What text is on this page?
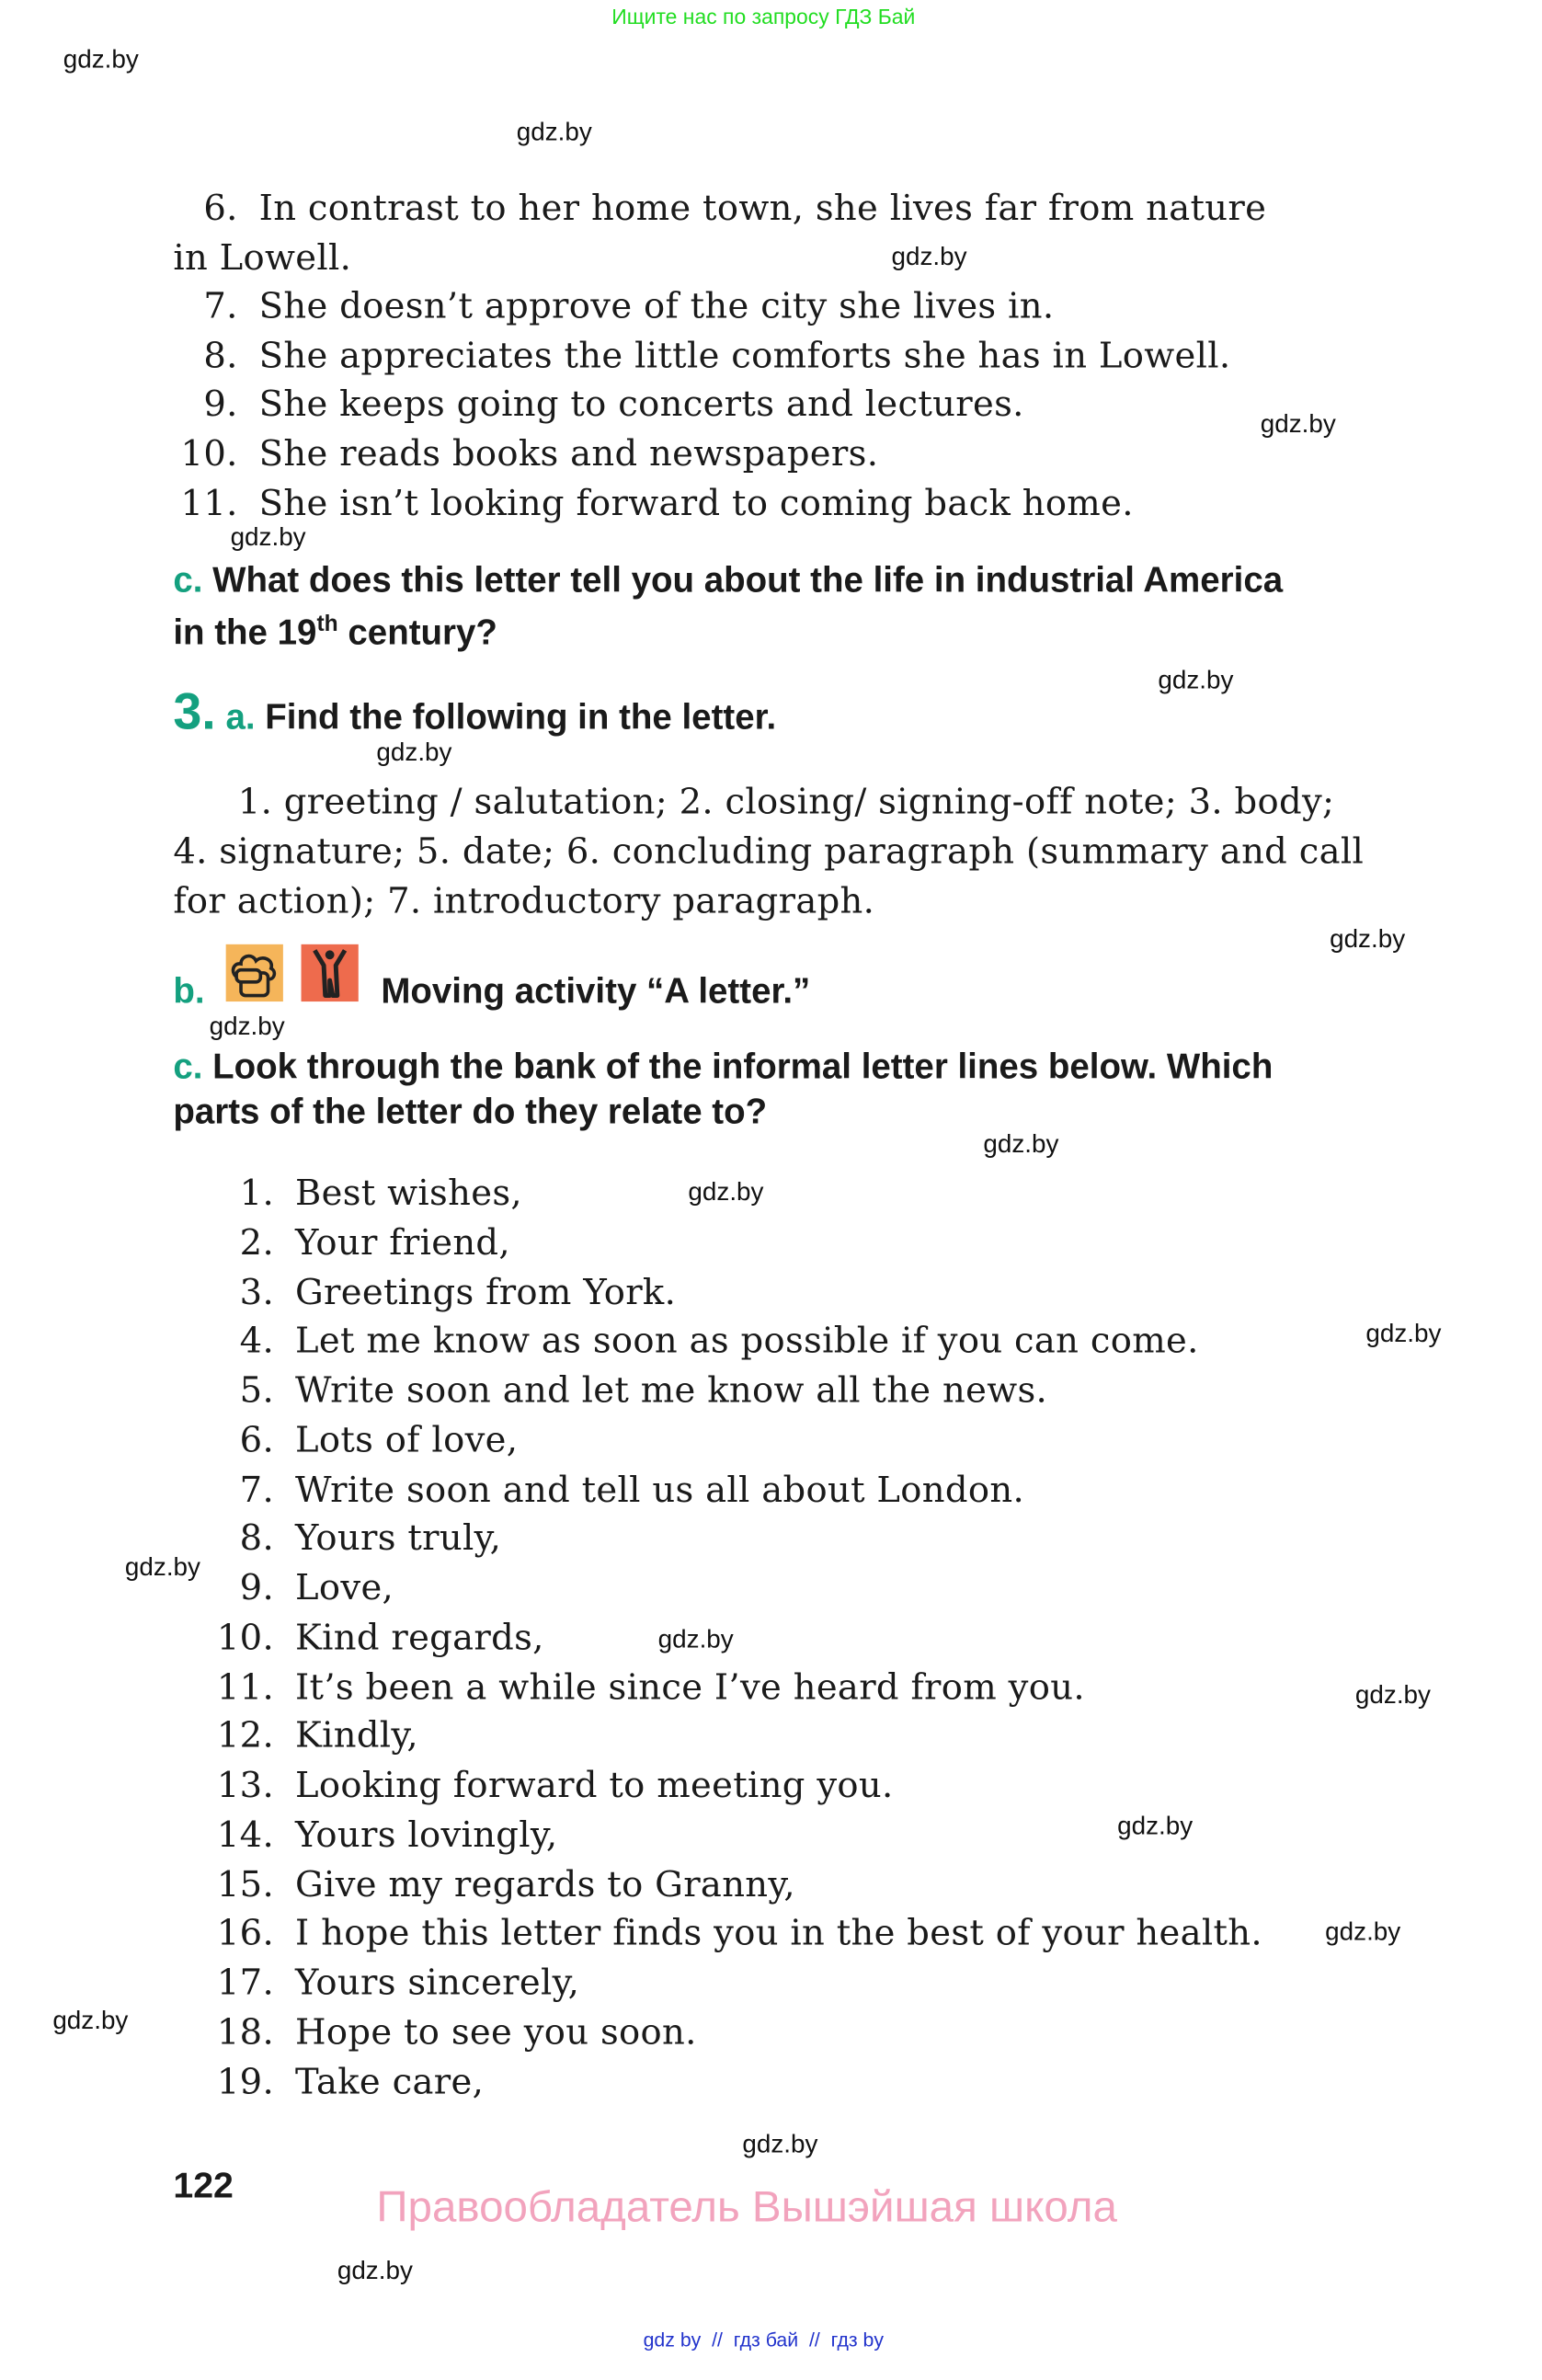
Ищите нас по запросу ГДЗ Бай
gdz.by
gdz.by
gdz.by
gdz.by
gdz.by
gdz.by
gdz.by
gdz.by
gdz.by
gdz.by
gdz.by
gdz.by
gdz.by
gdz.by
gdz.by
gdz.by
gdz.by
gdz.by
gdz.by
gdz.by
6. In contrast to her home town, she lives far from nature
in Lowell.
7. She doesn’t approve of the city she lives in.
8. She appreciates the little comforts she has in Lowell.
9. She keeps going to concerts and lectures.
10. She reads books and newspapers.
11. She isn’t looking forward to coming back home.
c. What does this letter tell you about the life in industrial America
in the 19th century?
3. a. Find the following in the letter.
1. greeting / salutation; 2. closing/ signing-off note; 3. body;
4. signature; 5. date; 6. concluding paragraph (summary and call
for action); 7. introductory paragraph.
b.	Moving activity “A letter.”
c. Look through the bank of the informal letter lines below. Which
parts of the letter do they relate to?
1. Best wishes,
2. Your friend,
3. Greetings from York.
4. Let me know as soon as possible if you can come.
5. Write soon and let me know all the news.
6. Lots of love,
7. Write soon and tell us all about London.
8. Yours truly,
9. Love,
10. Kind regards,
11. It’s been a while since I’ve heard from you.
12. Kindly,
13. Looking forward to meeting you.
14. Yours lovingly,
15. Give my regards to Granny,
16. I hope this letter finds you in the best of your health.
17. Yours sincerely,
18. Hope to see you soon.
19. Take care,
122	Правообладатель Вышэйшая школа
gdz by  //  гдз бай  //  гдз by
